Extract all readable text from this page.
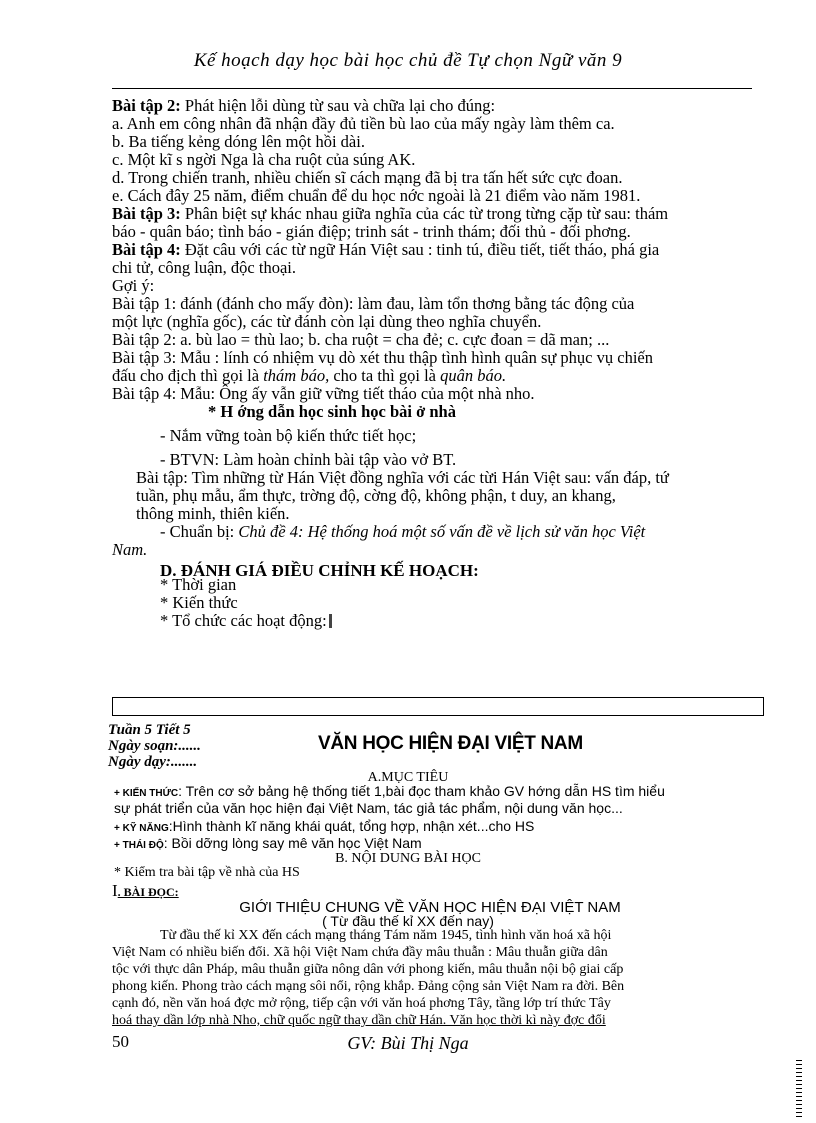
Kế hoạch dạy học bài học chủ đề Tự chọn Ngữ văn 9
Bài tập 2: Phát hiện lỗi dùng từ sau và chữa lại cho đúng:
a. Anh em công nhân đã nhận đầy đủ tiền bù lao của mấy ngày làm thêm ca.
b. Ba tiếng kẻng dóng lên một hồi dài.
c. Một kĩ s ngời Nga là cha ruột của súng AK.
d. Trong chiến tranh, nhiều chiến sĩ cách mạng đã bị tra tấn hết sức cực đoan.
e. Cách đây 25 năm, điểm chuẩn để du học nớc ngoài là 21 điểm vào năm 1981.
Bài tập 3: Phân biệt sự khác nhau giữa nghĩa của các từ trong từng cặp từ sau: thám
báo - quân báo; tình báo - gián điệp; trinh sát - trinh thám; đối thủ - đối phơng.
Bài tập 4: Đặt câu với các từ ngữ Hán Việt sau : tinh tú, điều tiết, tiết tháo, phá gia
chi tử, công luận, độc thoại.
Gợi ý:
Bài tập 1: đánh (đánh cho mấy đòn): làm đau, làm tổn thơng bằng tác động của
một lực (nghĩa gốc), các từ đánh còn lại dùng theo nghĩa chuyển.
Bài tập 2: a. bù lao = thù lao; b. cha ruột = cha đẻ; c. cực đoan = dã man; ...
Bài tập 3: Mẫu : lính có nhiệm vụ dò xét thu thập tình hình quân sự phục vụ chiến
đấu cho địch thì gọi là thám báo, cho ta thì gọi là quân báo.
Bài tập 4: Mẫu: Ông ấy vẫn giữ vững tiết tháo của một nhà nho.
* H ớng dẫn học sinh học bài ở nhà
- Nắm vững toàn bộ kiến thức tiết học;
- BTVN: Làm hoàn chỉnh bài tập vào vở BT.
Bài tập: Tìm những từ Hán Việt đồng nghĩa với các từi Hán Việt sau: vấn đáp, tứ
tuần, phụ mẫu, ẩm thực, trờng độ, cờng độ, không phận, t duy, an khang,
thông minh, thiên kiến.
- Chuẩn bị: Chủ đề 4: Hệ thống hoá một số vấn đề về lịch sử văn học Việt
Nam.
D. ĐÁNH GIÁ ĐIỀU CHỈNH KẾ HOẠCH:
* Thời gian
* Kiến thức
* Tổ chức các hoạt động:
Tuần 5 Tiết 5
Ngày soạn:......
Ngày dạy:.......
VĂN HỌC HIỆN ĐẠI VIỆT NAM
A.MỤC TIÊU
+ KIẾN THỨC: Trên cơ sở bảng hệ thống tiết 1,bài đọc tham khảo GV hớng dẫn HS tìm hiểu
sự phát triển của văn học hiện đại Việt Nam, tác giả tác phẩm, nội dung văn học...
+ KỸ NĂNG:Hình thành kĩ năng khái quát, tổng hợp, nhận xét...cho HS
+ THÁI ĐỘ: Bồi dỡng lòng say mê văn học Việt Nam
B. NỘI DUNG BÀI HỌC
* Kiểm tra bài tập về nhà của HS
I. BÀI ĐỌC:
GIỚI THIỆU CHUNG VỀ VĂN HỌC HIỆN ĐẠI VIỆT NAM
( Từ đầu thế kỉ XX đến nay)
Từ đầu thế kỉ XX đến cách mạng tháng Tám năm 1945, tình hình văn hoá xã hội
Việt Nam có nhiều biến đổi. Xã hội Việt Nam chứa đầy mâu thuẫn : Mâu thuẫn giữa dân
tộc với thực dân Pháp, mâu thuẫn giữa nông dân với phong kiến, mâu thuẫn nội bộ giai cấp
phong kiến. Phong trào cách mạng sôi nổi, rộng khắp. Đảng cộng sản Việt Nam ra đời. Bên
cạnh đó, nền văn hoá đợc mở rộng, tiếp cận với văn hoá phơng Tây, tầng lớp trí thức Tây
hoá thay dần lớp nhà Nho, chữ quốc ngữ thay dần chữ Hán. Văn học thời kì này đợc đổi
50	GV: Bùi Thị Nga
